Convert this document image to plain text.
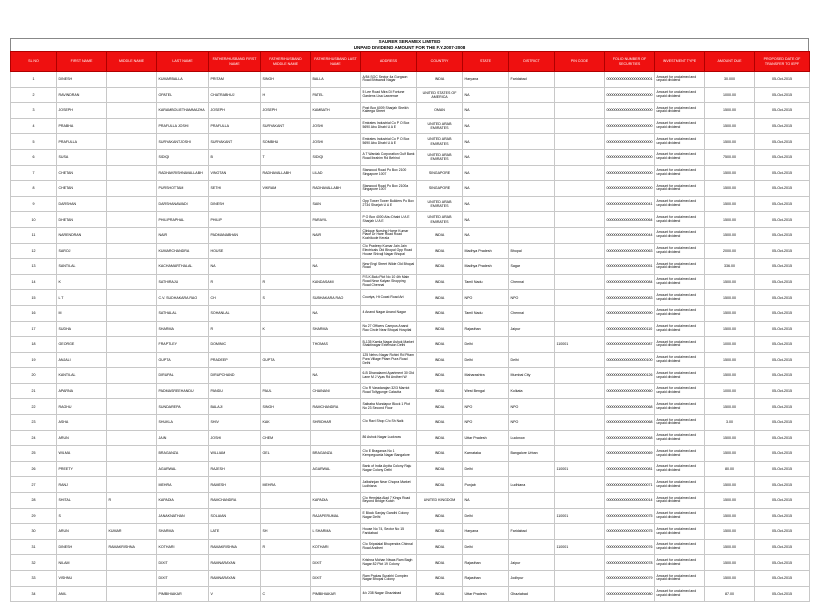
SAURER SERAMEX LIMITED
UNPAID DIVIDEND AMOUNT FOR THE F.Y.2007-2008
SL NO	FIRST NAME	MIDDLE NAME	LAST NAME	FATHER/HUSBAND FIRST NAME	FATHER/HUSBAND MIDDLE NAME	FATHER/HUSBAND LAST NAME	ADDRESS	COUNTRY	STATE	DISTRICT	PIN CODE	FOLIO NUMBER OF SECURITIES	INVESTMENT TYPE	AMOUNT DUE	PROPOSED DATE OF TRANSFER TO IEPF
1	DINESH		KUMARBALLA	PRITAM	SINGH	BALLA	A/54 SOC Sector 4a Gurgaon Road Bhiwandi Nagar	INDIA	Haryana	Faridabad		00000000000000000000001	Amount for unclaimed and unpaid dividend	30.000	05-Oct-2015
2	RAVINDRAN		OPATEL	CHATRABHUJ	H	PATEL	5 Lee Road Mira Di Fortune Gardens Lisa Lawrence	UNITED STATES OF AMERICA	NA			00000000000000000000000	Amount for unclaimed and unpaid dividend	1000.00	05-Oct-2015
3	JOSEPH		KARAMBOLIETHAMMAZHA	JOSEPH	JOSEPH	KAMBATH	Post Box 6009 Sharjah Sheikh Kaleega Street	OMAN	NA			00000000000000000000000	Amount for unclaimed and unpaid dividend	1500.00	05-Oct-2015
4	PRABHA		PRAFULLA JOSHI	PRAFULLA	SURYAKANT	JOSHI	Emirates Industrial Co P O Box 5690 Abu Dhabi U A E	UNITED ARAB EMIRATES	NA			00000000000000000000000	Amount for unclaimed and unpaid dividend	1500.00	05-Oct-2015
5	PRAFULLA		SURYAKANTJOSHI	SURYAKANT	SOMBHU	JOSHI	Emirates Industrial Co P O Box 5690 Abu Dhabi U A E	UNITED ARAB EMIRATES	NA			00000000000000000000000	Amount for unclaimed and unpaid dividend	1500.00	05-Oct-2015
6	SUSA		SIDIQI	B	T	SIDIQI	A T Wardak Corporation Gulf Bank Road Ibrahim Rd Behind	UNITED ARAB EMIRATES	NA			00000000000000000000000	Amount for unclaimed and unpaid dividend	7500.00	05-Oct-2015
7	CHETAN		RADHAKRISHNAVALLABH	VINOTAN	RADHAVALLABH	LILAD	Starwood Road Po Box 2100 Singapore 1007	SINGAPORE	NA			00000000000000000000000	Amount for unclaimed and unpaid dividend	1500.00	05-Oct-2015
8	CHETAN		PURSHOTTAM	SETHI	VIKRAM	RADHAVALLABH	Starwood Road Po Box 2100a Singapore 1007	SINGAPORE	NA			00000000000000000000000	Amount for unclaimed and unpaid dividend	1500.00	05-Oct-2015
9	DARSHAN		DARSHANAWADI	DINESH		SAIN	Opp Tower Tower Builders Po Box 2734 Sharjah U A E	UNITED ARAB EMIRATES	NA			00000000000000000000041	Amount for unclaimed and unpaid dividend	1500.00	05-Oct-2015
10	DHETAN		PHILIPRAPHAL	PHILIP		PARAYIL	P O Box 4000 Abu Dhabi U A E Sharjah U A E	UNITED ARAB EMIRATES	NA			00000000000000000000064	Amount for unclaimed and unpaid dividend	1500.00	05-Oct-2015
11	NARENDRAN		NAIR	PADMANABHAN		NAIR	Clinique Nursing Home Kumar Place Dr Hare Road Road Kozhikode Kerala	INDIA	NA			00000000000000000000044	Amount for unclaimed and unpaid dividend	1500.00	05-Oct-2015
12	SAROJ		KUMARCHANDRA	HOUSE			C/o Pradeep Kumar Jain Jain Electricals Old Bhopal Opp Road House Shivaji Nagar Bhopal	INDIA	Madhya Pradesh	Bhopal		00000000000000000000063	Amount for unclaimed and unpaid dividend	2000.00	05-Oct-2015
13	SANTILAL		KACHAMARTHALAL	NA		NA	New Engl Street Wilde Old Bhopal Road	INDIA	Madhya Pradesh	Sagar		00000000000000000000051	Amount for unclaimed and unpaid dividend	336.00	05-Oct-2015
14	K		SATHIRAJU	R	R	KANDASAMI	P.S.K.Balu Plot No 10 4th Main Road Near Kalyan Shopping Road Chennai	INDIA	Tamil Nadu	Chennai		00000000000000000000084	Amount for unclaimed and unpaid dividend	1500.00	05-Oct-2015
15	L T		C.V. SUDHAKARA RAO	CH	S	SUBHAKARA RAO	Courtya, Ht Coast Road Art	INDIA	NPO	NPO		00000000000000000000083	Amount for unclaimed and unpaid dividend	1500.00	05-Oct-2015
16	M		SATHALAL	SOHANLAL		NA	4 Anand Nagar Anand Nagar	INDIA	Tamil Nadu	Chennai		00000000000000000000090	Amount for unclaimed and unpaid dividend	1500.00	05-Oct-2015
17	SUDHA		SHARMA	R	K	SHARMA	No 27 Officers Campus Anand Rao Circle Near Bhopal Hospital	INDIA	Rajasthan	Jaipur		00000000000000000000110	Amount for unclaimed and unpaid dividend	1500.00	05-Oct-2015
18	GEORGE		FRAPTLEY	DOMINIC		THOMAS	B-135 Kamla Nagar Ashok Market Shaktinagar Extension Delhi	INDIA	Delhi		110001	00000000000000000000087	Amount for unclaimed and unpaid dividend	1000.00	05-Oct-2015
19	ANJALI		GUPTA	PRADEEP	GUPTA		125 Nehru Nagar Rohini Rd Pitam Pura Village Pitam Pura Road Delhi	INDIA	Delhi	Delhi		00000000000000000000100	Amount for unclaimed and unpaid dividend	1500.00	05-Oct-2015
20	KANTILAL		DIRUPAL	DIRUPCHAND		NA	6-B Dhanalaxmi Apartment 30 Old Lane M J Vyas Rd Andheri W	INDIA	Maharashtra	Mumbai City		00000000000000000000126	Amount for unclaimed and unpaid dividend	1500.00	05-Oct-2015
21	APARNA		PADMASREEHANDU	PANDU	PAUL	CHAINANI	C/o R Varadarajan 32/3 Marriot Road Tollygunge Calcutta	INDIA	West Bengal	Kolkata		00000000000000000000060	Amount for unclaimed and unpaid dividend	1000.00	05-Oct-2015
22	RAGHU		SUNDAREPA	BALAJI	SINGH	RAMCHANDRA	Saibaba Mundapur Block 1 Plot No 23 Second Floor	INDIA	NPO	NPO		00000000000000000000068	Amount for unclaimed and unpaid dividend	1500.00	05-Oct-2015
23	ASHA		SHUKLA	SHIV	KAK	SHRIDHAR	C/o Ravi Shop C/o Sh Naik	INDIA	NPO	NPO		00000000000000000000068	Amount for unclaimed and unpaid dividend	3.00	05-Oct-2015
24	ARUN		JAIN	JOSHI	CHEM		86 Ashok Nagar Lucknow	INDIA	Uttar Pradesh	Lucknow		00000000000000000000068	Amount for unclaimed and unpaid dividend	1500.00	05-Oct-2015
25	WILMA		BRAGANZA	WILLIAM	GEL	BRAGANZA	C/o E Braganza No 1 Kempegowda Nagar Bangalore	INDIA	Karnataka	Bangalore Urban		00000000000000000000069	Amount for unclaimed and unpaid dividend	1500.00	05-Oct-2015
26	PREETY		AGARWAL	RAJESH		AGARWAL	Bank of India Arpita Colony Raju Nagar Colony Delhi	INDIA	Delhi		110001	00000000000000000000081	Amount for unclaimed and unpaid dividend	80.00	05-Oct-2015
27	RANJ		MEHRA	RAMESH	MEHRA		Jalbahnjan Near Chopra Market Ludhiana	INDIA	Punjab	Ludhiana		00000000000000000000071	Amount for unclaimed and unpaid dividend	1500.00	05-Oct-2015
28	SHITAL	R	KAPADIA	RAMCHANDRA		KAPADIA	C/o Hemlata Alad 7 Kings Road Beyond Bridge Kutch	UNITED KINGDOM	NA			00000000000000000000014	Amount for unclaimed and unpaid dividend	1500.00	05-Oct-2015
29	S		JANAKNATHAN	SOLAIAN		RAJAPERUMAL	E Block Sanjay Gandhi Colony Nagar Delhi	INDIA	Delhi		110001	00000000000000000000075	Amount for unclaimed and unpaid dividend	1500.00	05-Oct-2015
30	ARUN	KUMAR	SHARMA	LATE	SH	L SHARMA	House No 74, Sector No 15 Faridabad	INDIA	Haryana	Faridabad		00000000000000000000075	Amount for unclaimed and unpaid dividend	1500.00	05-Oct-2015
31	DINESH	RAMAKRISHNA	KOTHARI	RAMAKRISHNA	R	KOTHARI	C/o Sripatalal Bhupendra Chinnal Road Andheri	INDIA	Delhi		110001	00000000000000000000076	Amount for unclaimed and unpaid dividend	1500.00	05-Oct-2015
32	NILAM		DIXIT	RAMNARAYAN		DIXIT	Krishna Mohan Niwas Ram Bagh Nagar 82 Plot 19 Colony	INDIA	Rajasthan	Jaipur		00000000000000000000078	Amount for unclaimed and unpaid dividend	1500.00	05-Oct-2015
33	VISHNU		DIXIT	RAMNARAYAN		DIXIT	Ram Prakas Surabhi Complex Nagar Bhopal Colony	INDIA	Rajasthan	Jodhpur		00000000000000000000079	Amount for unclaimed and unpaid dividend	1500.00	05-Oct-2015
34	ANIL		PIMBIHIAKAR	V	C	PIMBIHIAKAR	4/c 238 Nagar Ghaziabad	INDIA	Uttar Pradesh	Ghaziabad		00000000000000000000080	Amount for unclaimed and unpaid dividend	87.00	05-Oct-2015
